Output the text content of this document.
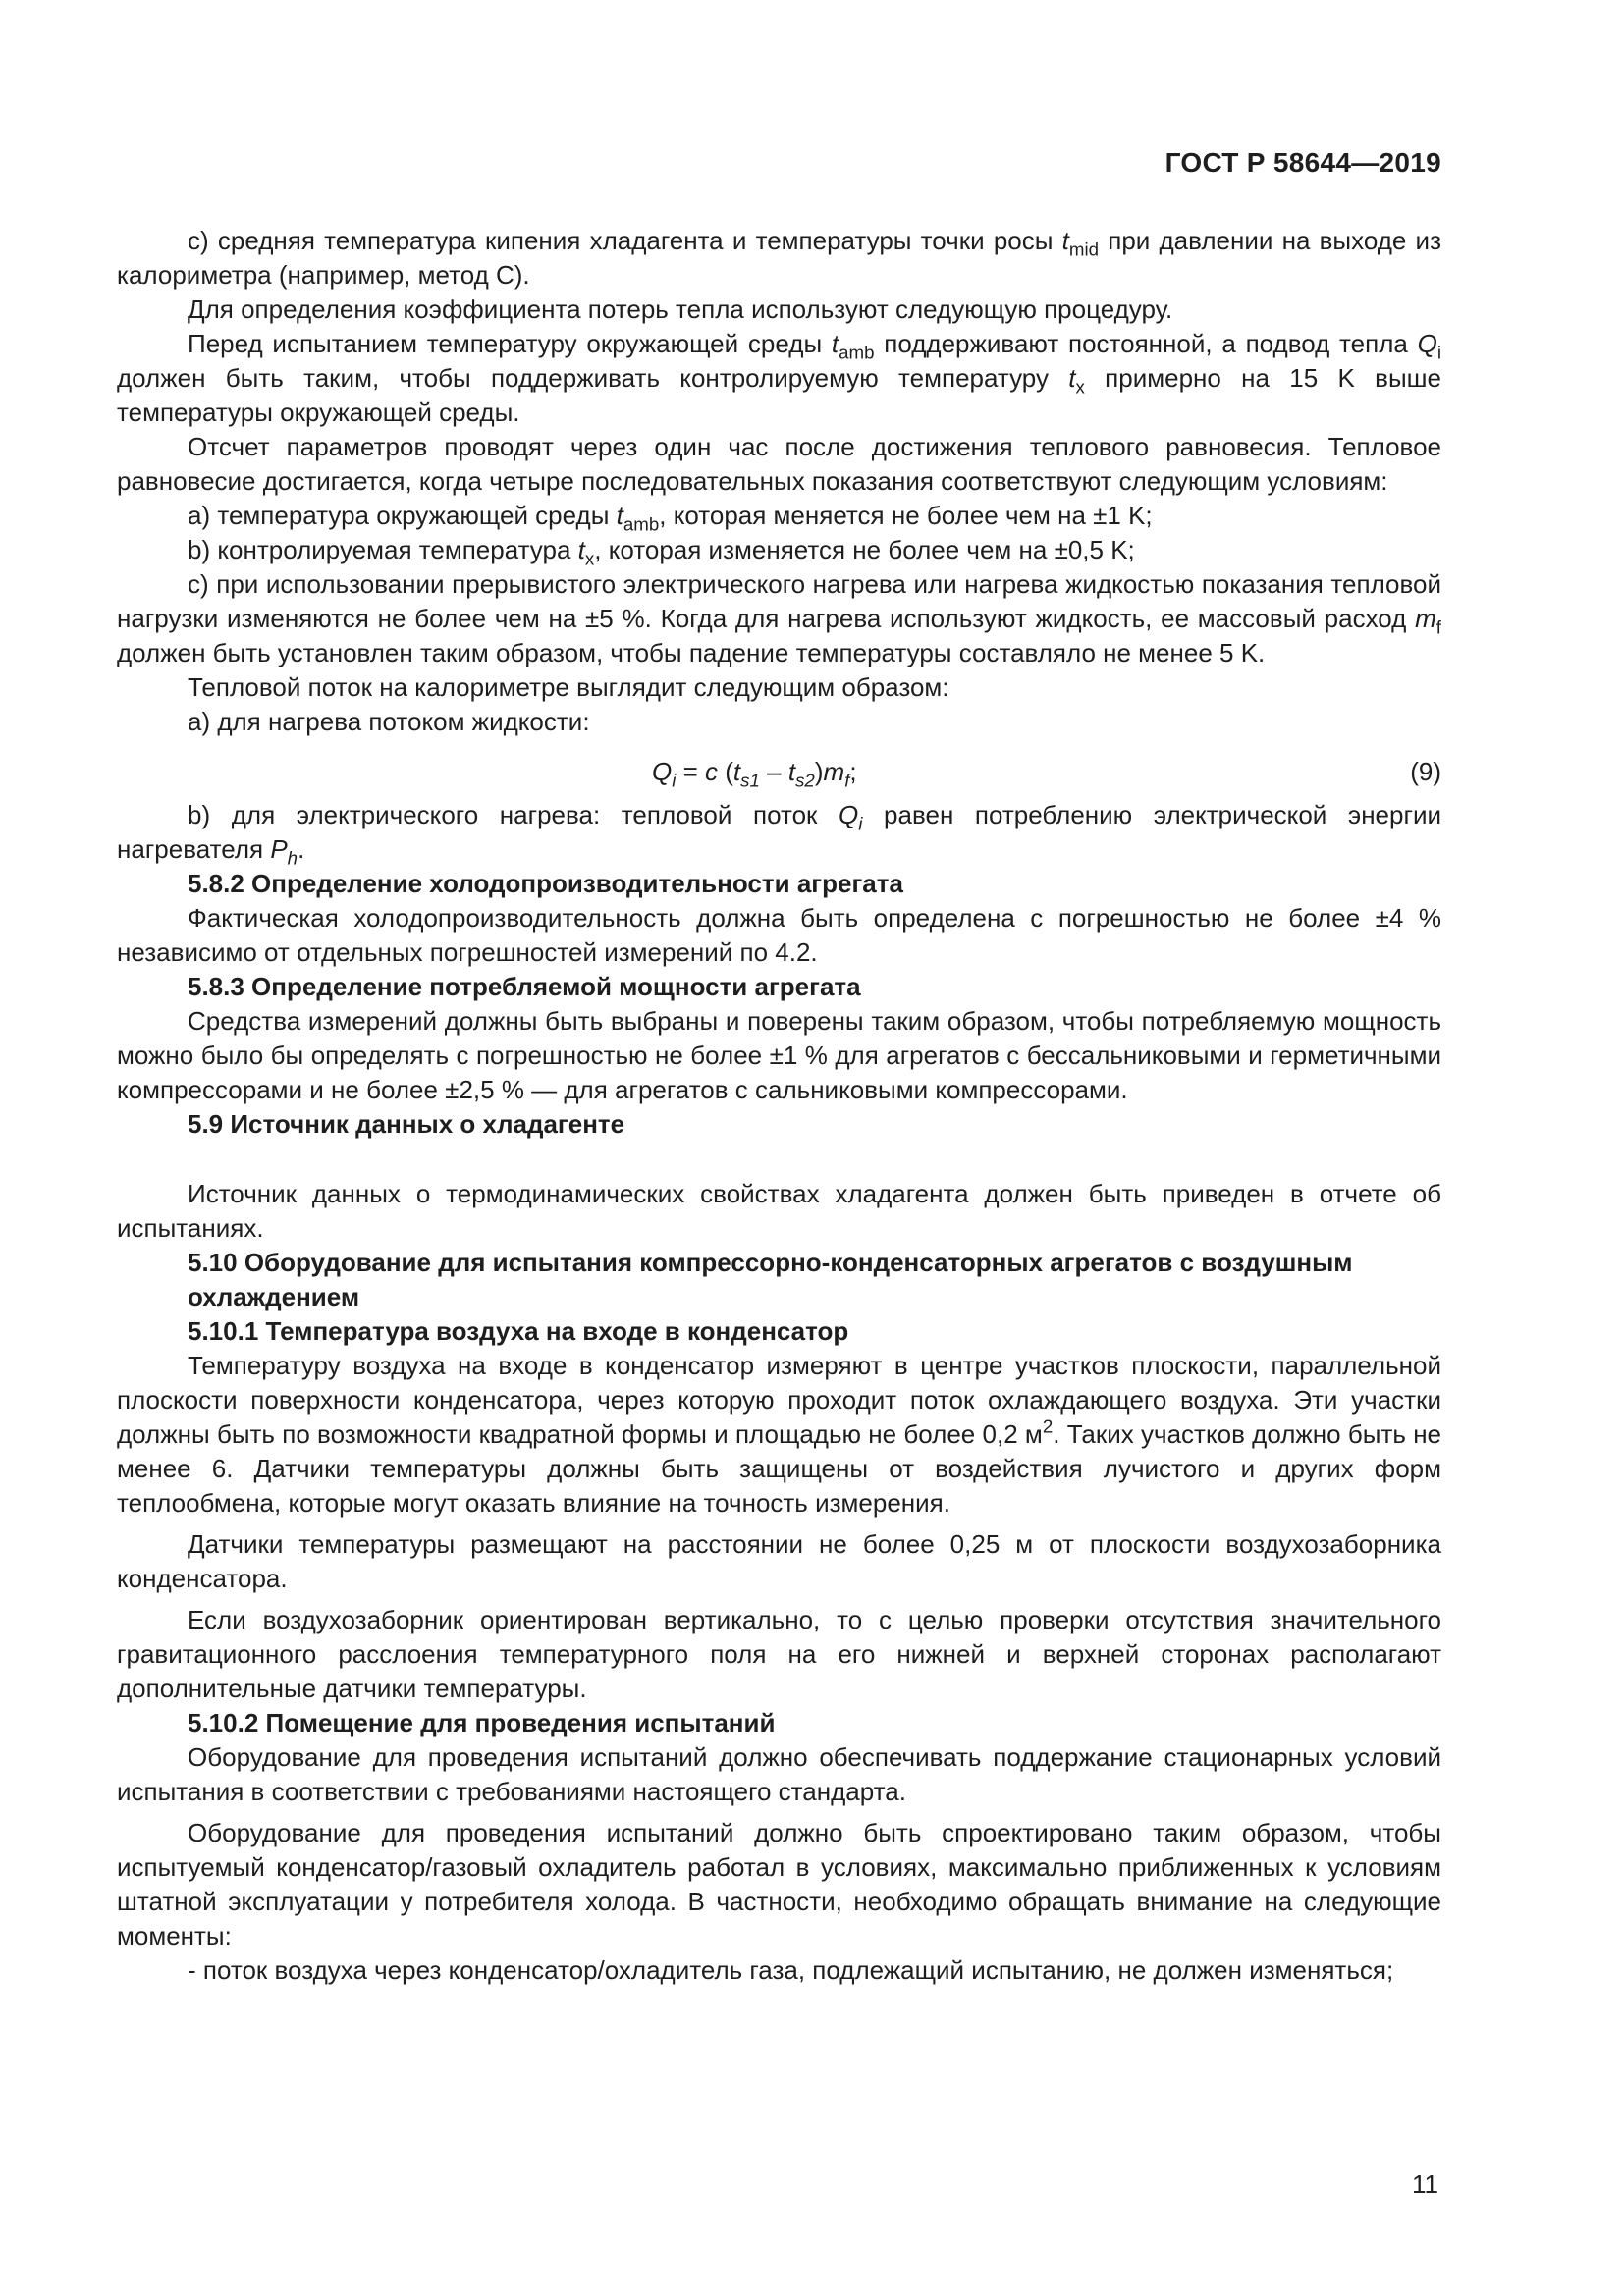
ГОСТ Р 58644—2019

c) средняя температура кипения хладагента и температуры точки росы $t_{mid}$ при давлении на выходе из калориметра (например, метод С).

Для определения коэффициента потерь тепла используют следующую процедуру.

Перед испытанием температуру окружающей среды $t_{amb}$ поддерживают постоянной, а подвод тепла $Q_i$ должен быть таким, чтобы поддерживать контролируемую температуру $t_x$ примерно на 15 K выше температуры окружающей среды.

Отсчет параметров проводят через один час после достижения теплового равновесия. Тепловое равновесие достигается, когда четыре последовательных показания соответствуют следующим условиям:

a) температура окружающей среды $t_{amb}$, которая меняется не более чем на ±1 K;

b) контролируемая температура $t_x$, которая изменяется не более чем на ±0,5 K;

c) при использовании прерывистого электрического нагрева или нагрева жидкостью показания тепловой нагрузки изменяются не более чем на ±5 %. Когда для нагрева используют жидкость, ее массовый расход $m_f$ должен быть установлен таким образом, чтобы падение температуры составляло не менее 5 K.

Тепловой поток на калориметре выглядит следующим образом:

a) для нагрева потоком жидкости:

$Q_i = c$ $(t_{s1} - t_{s2})m_f$;	(9)

b) для электрического нагрева: тепловой поток $Q_i$ равен потреблению электрической энергии нагревателя $P_h$.

5.8.2 Определение холодопроизводительности агрегата

Фактическая холодопроизводительность должна быть определена с погрешностью не более ±4 % независимо от отдельных погрешностей измерений по 4.2.

5.8.3 Определение потребляемой мощности агрегата

Средства измерений должны быть выбраны и поверены таким образом, чтобы потребляемую мощность можно было бы определять с погрешностью не более ±1 % для агрегатов с бессальниковыми и герметичными компрессорами и не более ±2,5 % — для агрегатов с сальниковыми компрессорами.

5.9 Источник данных о хладагенте

Источник данных о термодинамических свойствах хладагента должен быть приведен в отчете об испытаниях.

5.10 Оборудование для испытания компрессорно-конденсаторных агрегатов с воздушным охлаждением

5.10.1 Температура воздуха на входе в конденсатор

Температуру воздуха на входе в конденсатор измеряют в центре участков плоскости, параллельной плоскости поверхности конденсатора, через которую проходит поток охлаждающего воздуха. Эти участки должны быть по возможности квадратной формы и площадью не более 0,2 $м^2$. Таких участков должно быть не менее 6. Датчики температуры должны быть защищены от воздействия лучистого и других форм теплообмена, которые могут оказать влияние на точность измерения.

Датчики температуры размещают на расстоянии не более 0,25 м от плоскости воздухозаборника конденсатора.

Если воздухозаборник ориентирован вертикально, то с целью проверки отсутствия значительного гравитационного расслоения температурного поля на его нижней и верхней сторонах располагают дополнительные датчики температуры.

5.10.2 Помещение для проведения испытаний

Оборудование для проведения испытаний должно обеспечивать поддержание стационарных условий испытания в соответствии с требованиями настоящего стандарта.

Оборудование для проведения испытаний должно быть спроектировано таким образом, чтобы испытуемый конденсатор/газовый охладитель работал в условиях, максимально приближенных к условиям штатной эксплуатации у потребителя холода. В частности, необходимо обращать внимание на следующие моменты:

- поток воздуха через конденсатор/охладитель газа, подлежащий испытанию, не должен изменяться;

11
